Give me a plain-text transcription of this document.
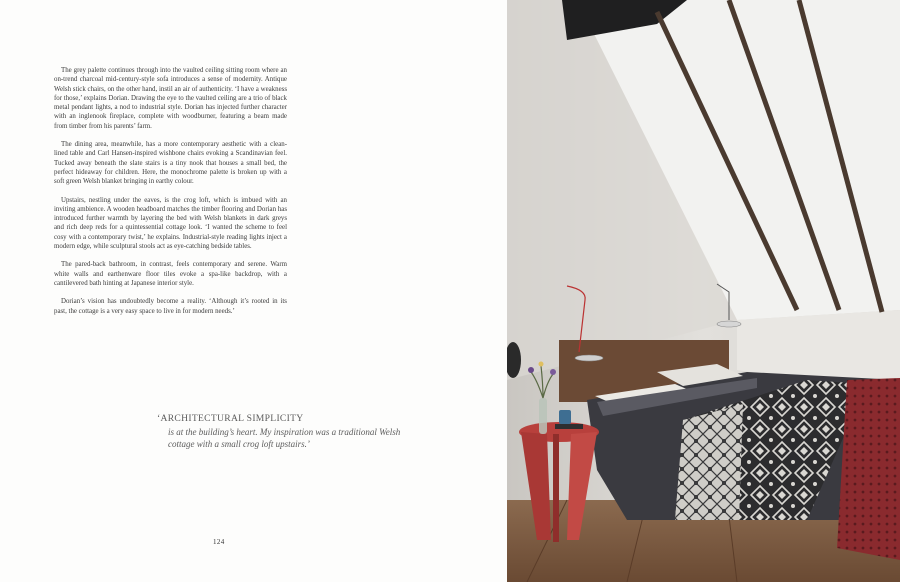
The grey palette continues through into the vaulted ceiling sitting room where an on-trend charcoal mid-century-style sofa introduces a sense of modernity. Antique Welsh stick chairs, on the other hand, instil an air of authenticity. ‘I have a weakness for those,’ explains Dorian. Drawing the eye to the vaulted ceiling are a trio of black metal pendant lights, a nod to industrial style. Dorian has injected further character with an inglenook fireplace, complete with woodburner, featuring a beam made from timber from his parents’ farm.

The dining area, meanwhile, has a more contemporary aesthetic with a clean-lined table and Carl Hansen-inspired wishbone chairs evoking a Scandinavian feel. Tucked away beneath the slate stairs is a tiny nook that houses a small bed, the perfect hideaway for children. Here, the monochrome palette is broken up with a soft green Welsh blanket bringing in earthy colour.

Upstairs, nestling under the eaves, is the crog loft, which is imbued with an inviting ambience. A wooden headboard matches the timber flooring and Dorian has introduced further warmth by layering the bed with Welsh blankets in dark greys and rich deep reds for a quintessential cottage look. ‘I wanted the scheme to feel cosy with a contemporary twist,’ he explains. Industrial-style reading lights inject a modern edge, while sculptural stools act as eye-catching bedside tables.

The pared-back bathroom, in contrast, feels contemporary and serene. Warm white walls and earthenware floor tiles evoke a spa-like backdrop, with a cantilevered bath hinting at Japanese interior style.

Dorian’s vision has undoubtedly become a reality. ‘Although it’s rooted in its past, the cottage is a very easy space to live in for modern needs.’

‘ARCHITECTURAL SIMPLICITY
is at the building’s heart. My inspiration was a traditional Welsh cottage with a small crog loft upstairs.’
124
